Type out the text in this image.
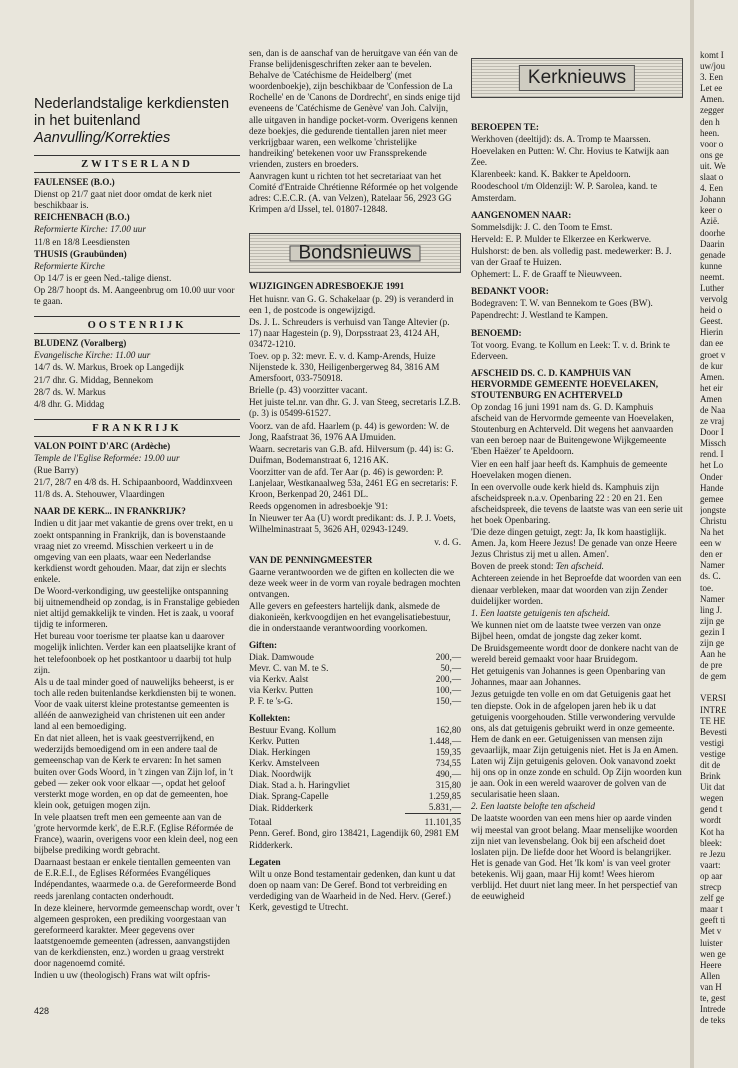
Nederlandstalige kerkdiensten
in het buitenland
Aanvulling/Korrekties
ZWITSERLAND

FAULENSEE (B.O.)

Dienst op 21/7 gaat niet door omdat de kerk niet beschikbaar is.

REICHENBACH (B.O.)

Reformierte Kirche: 17.00 uur

11/8 en 18/8 Leesdiensten

THUSIS (Graubünden)

Reformierte Kirche

Op 14/7 is er geen Ned.-talige dienst.

Op 28/7 hoopt ds. M. Aangeenbrug om 10.00 uur voor te gaan.

OOSTENRIJK

BLUDENZ (Voralberg)

Evangelische Kirche: 11.00 uur

14/7 ds. W. Markus, Broek op Langedijk

21/7 dhr. G. Middag, Bennekom

28/7 ds. W. Markus

4/8 dhr. G. Middag

FRANKRIJK

VALON POINT D'ARC (Ardèche)

Temple de l'Eglise Reformée: 19.00 uur

(Rue Barry)

21/7, 28/7 en 4/8 ds. H. Schipaanboord, Waddinxveen

11/8 ds. A. Stehouwer, Vlaardingen

NAAR DE KERK... IN FRANKRIJK?

Indien u dit jaar met vakantie de grens over trekt, en u zoekt ontspanning in Frankrijk, dan is bovenstaande vraag niet zo vreemd. Misschien verkeert u in de omgeving van een plaats, waar een Nederlandse kerkdienst wordt gehouden. Maar, dat zijn er slechts enkele.

De Woord-verkondiging, uw geestelijke ontspanning bij uitnemendheid op zondag, is in Franstalige gebieden niet altijd gemakkelijk te vinden. Het is zaak, u vooraf tijdig te informeren.

Het bureau voor toerisme ter plaatse kan u daarover mogelijk inlichten. Verder kan een plaatselijke krant of het telefoonboek op het postkantoor u daarbij tot hulp zijn.

Als u de taal minder goed of nauwelijks beheerst, is er toch alle reden buitenlandse kerkdiensten bij te wonen. Voor de vaak uiterst kleine protestantse gemeenten is alléén de aanwezigheid van christenen uit een ander land al een bemoediging.

En dat niet alleen, het is vaak geestverrijkend, en wederzijds bemoedigend om in een andere taal de gemeenschap van de Kerk te ervaren: In het samen buiten over Gods Woord, in 't zingen van Zijn lof, in 't gebed — zeker ook voor elkaar —, opdat het geloof versterkt moge worden, en op dat de gemeenten, hoe klein ook, getuigen mogen zijn.

In vele plaatsen treft men een gemeente aan van de 'grote hervormde kerk', de E.R.F. (Eglise Réformée de France), waarin, overigens voor een klein deel, nog een bijbelse prediking wordt gebracht.

Daarnaast bestaan er enkele tientallen gemeenten van de E.R.E.I., de Eglises Réformées Evangéliques Indépendantes, waarmede o.a. de Gereformeerde Bond reeds jarenlang contacten onderhoudt.

In deze kleinere, hervormde gemeenschap wordt, over 't algemeen gesproken, een prediking voorgestaan van gereformeerd karakter. Meer gegevens over laatstgenoemde gemeenten (adressen, aanvangstijden van de kerkdiensten, enz.) worden u graag verstrekt door nagenoemd comité.

Indien u uw (theologisch) Frans wat wilt opfris-

428

sen, dan is de aanschaf van de heruitgave van één van de Franse belijdenisgeschriften zeker aan te bevelen. Behalve de 'Catéchisme de Heidelberg' (met woordenboekje), zijn beschikbaar de 'Confession de La Rochelle' en de 'Canons de Dordrecht', en sinds enige tijd eveneens de 'Catéchisme de Genève' van Joh. Calvijn, alle uitgaven in handige pocket-vorm. Overigens kennen deze boekjes, die gedurende tientallen jaren niet meer verkrijgbaar waren, een welkome 'christelijke handreiking' betekenen voor uw Franssprekende vrienden, zusters en broeders.

Aanvragen kunt u richten tot het secretariaat van het Comité d'Entraide Chrétienne Réformée op het volgende adres: C.E.C.R. (A. van Velzen), Ratelaar 56, 2923 GG Krimpen a/d IJssel, tel. 01807-12848.

Bondsnieuws

WIJZIGINGEN ADRESBOEKJE 1991

Het huisnr. van G. G. Schakelaar (p. 29) is veranderd in een 1, de postcode is ongewijzigd.

Ds. J. L. Schreuders is verhuisd van Tange Altevier (p. 17) naar Hagestein (p. 9), Dorpsstraat 23, 4124 AH, 03472-1210.

Toev. op p. 32: mevr. E. v. d. Kamp-Arends, Huize Nijenstede k. 330, Heiligenbergerweg 84, 3816 AM Amersfoort, 033-750918.

Brielle (p. 43) voorzitter vacant.

Het juiste tel.nr. van dhr. G. J. van Steeg, secretaris I.Z.B. (p. 3) is 05499-61527.

Voorz. van de afd. Haarlem (p. 44) is geworden: W. de Jong, Raafstraat 36, 1976 AA IJmuiden.

Waarn. secretaris van G.B. afd. Hilversum (p. 44) is: G. Duifman, Bodemanstraat 6, 1216 AK.

Voorzitter van de afd. Ter Aar (p. 46) is geworden: P. Lanjelaar, Westkanaalweg 53a, 2461 EG en secretaris: F. Kroon, Berkenpad 20, 2461 DL.

Reeds opgenomen in adresboekje '91:

In Nieuwer ter Aa (U) wordt predikant: ds. J. P. J. Voets, Wilhelminastraat 5, 3626 AH, 02943-1249.

v. d. G.

VAN DE PENNINGMEESTER

Gaarne verantwoorden we de giften en kollecten die we deze week weer in de vorm van royale bedragen mochten ontvangen.

Alle gevers en gefeesters hartelijk dank, alsmede de diakonieën, kerkvoogdijen en het evangelisatiebestuur, die in onderstaande verantwoording voorkomen.

Giften:

Diak. Damwoude	200,—
Mevr. C. van M. te S.	50,—
via Kerkv. Aalst	200,—
via Kerkv. Putten	100,—
P. F. te 's-G.	150,—

Kollekten:

Bestuur Evang. Kollum	162,80
Kerkv. Putten	1.448,—
Diak. Herkingen	159,35
Kerkv. Amstelveen	734,55
Diak. Noordwijk	490,—
Diak. Stad a. h. Haringvliet	315,80
Diak. Sprang-Capelle	1.259,85
Diak. Ridderkerk	5.831,—
Totaal	11.101,35

Penn. Geref. Bond, giro 138421, Lagendijk 60, 2981 EM Ridderkerk.

Legaten

Wilt u onze Bond testamentair gedenken, dan kunt u dat doen op naam van: De Geref. Bond tot verbreiding en verdediging van de Waarheid in de Ned. Herv. (Geref.) Kerk, gevestigd te Utrecht.

Kerknieuws

BEROEPEN TE:

Werkhoven (deeltijd): ds. A. Tromp te Maarssen.

Hoevelaken en Putten: W. Chr. Hovius te Katwijk aan Zee.

Klarenbeek: kand. K. Bakker te Apeldoorn.

Roodeschool t/m Oldenzijl: W. P. Sarolea, kand. te Amsterdam.

AANGENOMEN NAAR:

Sommelsdijk: J. C. den Toom te Emst.

Herveld: E. P. Mulder te Elkerzee en Kerkwerve.

Hulshorst: de ben. als volledig past. medewerker: B. J. van der Graaf te Huizen.

Ophemert: L. F. de Graaff te Nieuwveen.

BEDANKT VOOR:

Bodegraven: T. W. van Bennekom te Goes (BW).

Papendrecht: J. Westland te Kampen.

BENOEMD:

Tot voorg. Evang. te Kollum en Leek: T. v. d. Brink te Ederveen.

AFSCHEID DS. C. D. KAMPHUIS VAN HERVORMDE GEMEENTE HOEVELAKEN, STOUTENBURG EN ACHTERVELD

Op zondag 16 juni 1991 nam ds. G. D. Kamphuis afscheid van de Hervormde gemeente van Hoevelaken, Stoutenburg en Achterveld. Dit wegens het aanvaarden van een beroep naar de Buitengewone Wijkgemeente 'Eben Haëzer' te Apeldoorn.

Vier en een half jaar heeft ds. Kamphuis de gemeente Hoevelaken mogen dienen.

In een overvolle oude kerk hield ds. Kamphuis zijn afscheidspreek n.a.v. Openbaring 22 : 20 en 21. Een afscheidspreek, die tevens de laatste was van een serie uit het boek Openbaring.

'Die deze dingen getuigt, zegt: Ja, Ik kom haastiglijk. Amen. Ja, kom Heere Jezus! De genade van onze Heere Jezus Christus zij met u allen. Amen'.

Boven de preek stond: Ten afscheid.

Achtereen zeiende in het Beproefde dat woorden van een dienaar verbleken, maar dat woorden van zijn Zender duidelijker worden.

1. Een laatste getuigenis ten afscheid.

We kunnen niet om de laatste twee verzen van onze Bijbel heen, omdat de jongste dag zeker komt.

De Bruidsgemeente wordt door de donkere nacht van de wereld bereid gemaakt voor haar Bruidegom.

Het getuigenis van Johannes is geen Openbaring van Johannes, maar aan Johannes.

Jezus getuigde ten volle en om dat Getuigenis gaat het ten diepste. Ook in de afgelopen jaren heb ik u dat getuigenis voorgehouden. Stille verwondering vervulde ons, als dat getuigenis gebruikt werd in onze gemeente. Hem de dank en eer. Getuigenissen van mensen zijn gevaarlijk, maar Zijn getuigenis niet. Het is Ja en Amen. Laten wij Zijn getuigenis geloven. Ook vanavond zoekt hij ons op in onze zonde en schuld. Op Zijn woorden kun je aan. Ook in een wereld waarover de golven van de secularisatie heen slaan.

2. Een laatste belofte ten afscheid

De laatste woorden van een mens hier op aarde vinden wij meestal van groot belang. Maar menselijke woorden zijn niet van levensbelang. Ook bij een afscheid doet loslaten pijn. De liefde door het Woord is belangrijker. Het is genade van God. Het 'Ik kom' is van veel groter betekenis. Wij gaan, maar Hij komt! Wees hierom verblijd. Het duurt niet lang meer. In het perspectief van de eeuwigheid

komt I
uw/jou
3. Een
Let ee
Amen.
zegger
den h
heen.
voor o
ons ge
uit. We
slaat o
4. Een
Johann
keer o
Azië.
doorhe
Daarin
genade
kunne
neemt.
Luther
vervolg
heid o
Geest.
Hierin
dan ee
groet v
de kur
Amen.
het eir
Amen
de Naa
ze vraj
Door I
Missch
rend. I
het Lo
Onder
Hande
gemee
jongste
Christu
Na het
een w
den er
Namer
ds. C.
toe.
Namer
ling J.
zijn ge
gezin I
zijn ge
Aan he
de pre
de gem
VERSI
INTRE
TE HE
Bevesti
vestigi
vestige
dit de
Brink
Uit dat
wegen
gend t
wordt
Kot ha
bleek:
re Jezu
vaart:
op aar
strecp
zelf ge
maar t
geeft ti
Met v
luister
wen ge
Heere
Allen
van H
te, gest
Intrede
de teks
